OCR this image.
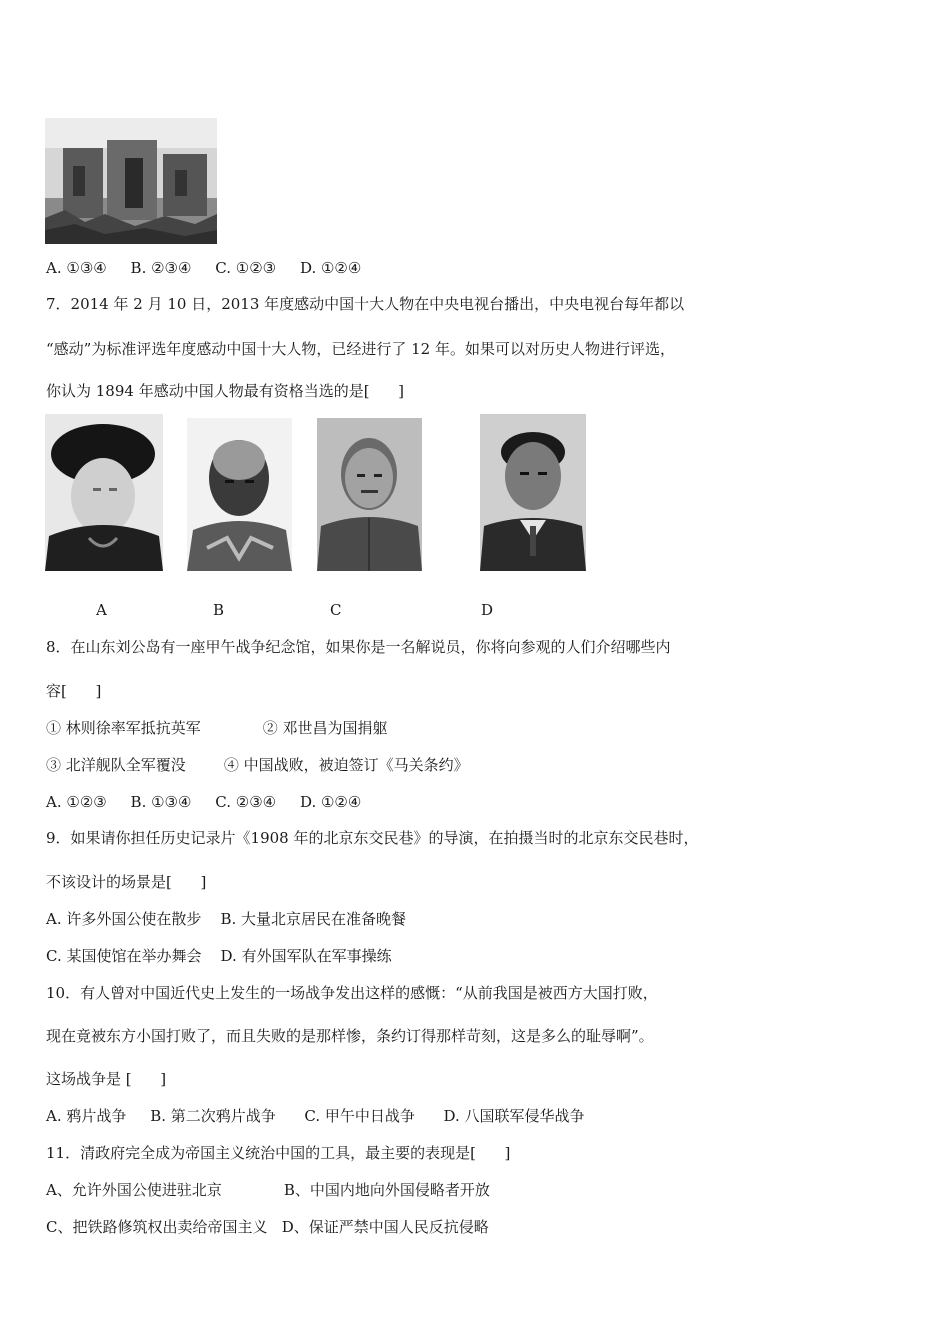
A. ①③④     B. ②③④     C. ①②③     D. ①②④
7．2014 年 2 月 10 日，2013 年度感动中国十大人物在中央电视台播出，中央电视台每年都以
“感动”为标准评选年度感动中国十大人物，已经进行了 12 年。如果可以对历史人物进行评选，
你认为 1894 年感动中国人物最有资格当选的是[      ]
A	B	C	D
8．在山东刘公岛有一座甲午战争纪念馆，如果你是一名解说员，你将向参观的人们介绍哪些内
容[      ]
① 林则徐率军抵抗英军             ② 邓世昌为国捐躯
③ 北洋舰队全军覆没        ④ 中国战败，被迫签订《马关条约》
A. ①②③     B. ①③④     C. ②③④     D. ①②④
9．如果请你担任历史记录片《1908 年的北京东交民巷》的导演，在拍摄当时的北京东交民巷时，
不该设计的场景是[      ]
A. 许多外国公使在散步    B. 大量北京居民在准备晚餐
C. 某国使馆在举办舞会    D. 有外国军队在军事操练
10．有人曾对中国近代史上发生的一场战争发出这样的感慨：“从前我国是被西方大国打败，
现在竟被东方小国打败了，而且失败的是那样惨，条约订得那样苛刻，这是多么的耻辱啊”。
这场战争是 [      ]
A. 鸦片战争     B. 第二次鸦片战争      C. 甲午中日战争      D. 八国联军侵华战争
11．清政府完全成为帝国主义统治中国的工具，最主要的表现是[      ]
A、允许外国公使进驻北京             B、中国内地向外国侵略者开放
C、把铁路修筑权出卖给帝国主义   D、保证严禁中国人民反抗侵略
